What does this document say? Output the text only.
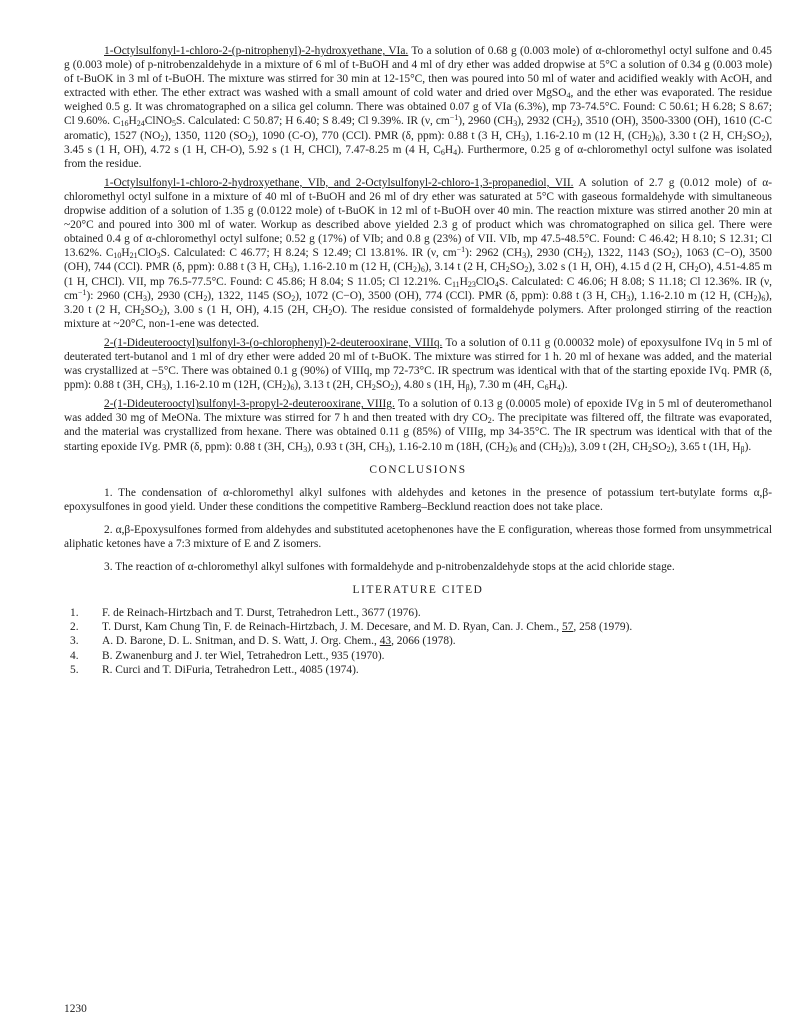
1-Octylsulfonyl-1-chloro-2-(p-nitrophenyl)-2-hydroxyethane, VIa. To a solution of 0.68 g (0.003 mole) of α-chloromethyl octyl sulfone and 0.45 g (0.003 mole) of p-nitrobenzaldehyde in a mixture of 6 ml of t-BuOH and 4 ml of dry ether was added dropwise at 5°C a solution of 0.34 g (0.003 mole) of t-BuOK in 3 ml of t-BuOH. The mixture was stirred for 30 min at 12-15°C, then was poured into 50 ml of water and acidified weakly with AcOH, and extracted with ether. The ether extract was washed with a small amount of cold water and dried over MgSO$_4$, and the ether was evaporated. The residue weighed 0.5 g. It was chromatographed on a silica gel column. There was obtained 0.07 g of VIa (6.3%), mp 73-74.5°C. Found: C 50.61; H 6.28; S 8.67; Cl 9.60%. $C_{16}H_{24}ClNO_5S$. Calculated: C 50.87; H 6.40; S 8.49; Cl 9.39%. IR (ν, $cm^{-1}$), 2960 $(CH_3)$, 2932 $(CH_2)$, 3510 (OH), 3500-3300 (OH), 1610 (C-C aromatic), 1527 $(NO_2)$, 1350, 1120 $(SO_2)$, 1090 (C-O), 770 (CCl). PMR (δ, ppm): 0.88 t (3 H, $CH_3$), 1.16-2.10 m (12 H, $(CH_2)_6$), 3.30 t (2 H, $CH_2SO_2$), 3.45 s (1 H, OH), 4.72 s (1 H, CH-O), 5.92 s (1 H, CHCl), 7.47-8.25 m (4 H, $C_6H_4$). Furthermore, 0.25 g of α-chloromethyl octyl sulfone was isolated from the residue.

1-Octylsulfonyl-1-chloro-2-hydroxyethane, VIb, and 2-Octylsulfonyl-2-chloro-1,3-propanediol, VII. A solution of 2.7 g (0.012 mole) of α-chloromethyl octyl sulfone in a mixture of 40 ml of t-BuOH and 26 ml of dry ether was saturated at 5°C with gaseous formaldehyde with simultaneous dropwise addition of a solution of 1.35 g (0.0122 mole) of t-BuOK in 12 ml of t-BuOH over 40 min. The reaction mixture was stirred another 20 min at ~20°C and poured into 300 ml of water. Workup as described above yielded 2.3 g of product which was chromatographed on silica gel. There were obtained 0.4 g of α-chloromethyl octyl sulfone; 0.52 g (17%) of VIb; and 0.8 g (23%) of VII. VIb, mp 47.5-48.5°C. Found: C 46.42; H 8.10; S 12.31; Cl 13.62%. $C_{10}H_{21}ClO_3S$. Calculated: C 46.77; H 8.24; S 12.49; Cl 13.81%. IR (ν, $cm^{-1}$): 2962 $(CH_3)$, 2930 $(CH_2)$, 1322, 1143 $(SO_2)$, 1063 (C−O), 3500 (OH), 744 (CCl). PMR (δ, ppm): 0.88 t (3 H, $CH_3$), 1.16-2.10 m (12 H, $(CH_2)_6$), 3.14 t (2 H, $CH_2SO_2$), 3.02 s (1 H, OH), 4.15 d (2 H, $CH_2O$), 4.51-4.85 m (1 H, CHCl). VII, mp 76.5-77.5°C. Found: C 45.86; H 8.04; S 11.05; Cl 12.21%. $C_{11}H_{23}ClO_4S$. Calculated: C 46.06; H 8.08; S 11.18; Cl 12.36%. IR (ν, $cm^{-1}$): 2960 $(CH_3)$, 2930 $(CH_2)$, 1322, 1145 $(SO_2)$, 1072 (C−O), 3500 (OH), 774 (CCl). PMR (δ, ppm): 0.88 t (3 H, $CH_3$), 1.16-2.10 m (12 H, $(CH_2)_6$), 3.20 t (2 H, $CH_2SO_2$), 3.00 s (1 H, OH), 4.15 (2H, $CH_2O$). The residue consisted of formaldehyde polymers. After prolonged stirring of the reaction mixture at ~20°C, non-1-ene was detected.

2-(1-Dideuterooctyl)sulfonyl-3-(o-chlorophenyl)-2-deuterooxirane, VIIIq. To a solution of 0.11 g (0.00032 mole) of epoxysulfone IVq in 5 ml of deuterated tert-butanol and 1 ml of dry ether were added 20 ml of t-BuOK. The mixture was stirred for 1 h. 20 ml of hexane was added, and the material was crystallized at −5°C. There was obtained 0.1 g (90%) of VIIIq, mp 72-73°C. IR spectrum was identical with that of the starting epoxide IVq. PMR (δ, ppm): 0.88 t (3H, $CH_3$), 1.16-2.10 m (12H, $(CH_2)_6$), 3.13 t (2H, $CH_2SO_2$), 4.80 s (1H, $H_\beta$), 7.30 m (4H, $C_6H_4$).

2-(1-Dideuterooctyl)sulfonyl-3-propyl-2-deuterooxirane, VIIIg. To a solution of 0.13 g (0.0005 mole) of epoxide IVg in 5 ml of deuteromethanol was added 30 mg of MeONa. The mixture was stirred for 7 h and then treated with dry $CO_2$. The precipitate was filtered off, the filtrate was evaporated, and the material was crystallized from hexane. There was obtained 0.11 g (85%) of VIIIg, mp 34-35°C. The IR spectrum was identical with that of the starting epoxide IVg. PMR (δ, ppm): 0.88 t (3H, $CH_3$), 0.93 t (3H, $CH_3$), 1.16-2.10 m (18H, $(CH_2)_6$ and $(CH_2)_3$), 3.09 t (2H, $CH_2SO_2$), 3.65 t (1H, $H_\beta$).

CONCLUSIONS

1. The condensation of α-chloromethyl alkyl sulfones with aldehydes and ketones in the presence of potassium tert-butylate forms α,β-epoxysulfones in good yield. Under these conditions the competitive Ramberg–Becklund reaction does not take place.

2. α,β-Epoxysulfones formed from aldehydes and substituted acetophenones have the E configuration, whereas those formed from unsymmetrical aliphatic ketones have a 7:3 mixture of E and Z isomers.

3. The reaction of α-chloromethyl alkyl sulfones with formaldehyde and p-nitrobenzaldehyde stops at the acid chloride stage.

LITERATURE CITED
1.	F. de Reinach-Hirtzbach and T. Durst, Tetrahedron Lett., 3677 (1976).
2.	T. Durst, Kam Chung Tin, F. de Reinach-Hirtzbach, J. M. Decesare, and M. D. Ryan, Can. J. Chem., 57, 258 (1979).
3.	A. D. Barone, D. L. Snitman, and D. S. Watt, J. Org. Chem., 43, 2066 (1978).
4.	B. Zwanenburg and J. ter Wiel, Tetrahedron Lett., 935 (1970).
5.	R. Curci and T. DiFuria, Tetrahedron Lett., 4085 (1974).
1230
